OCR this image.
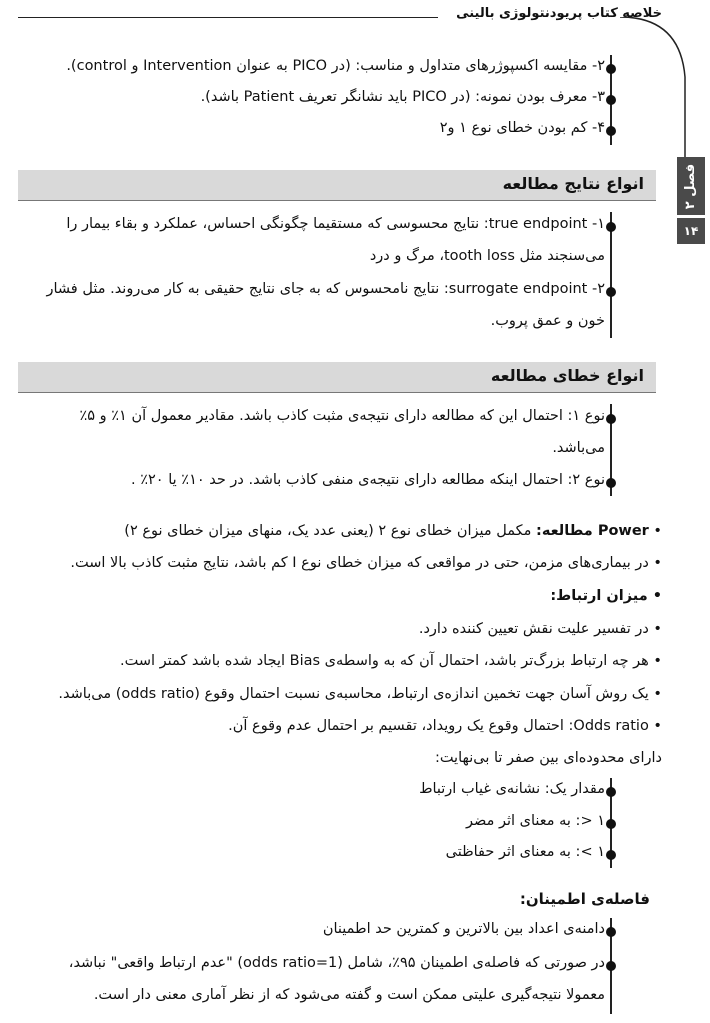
خلاصه کتاب پریودنتولوژی بالینی
فصل ۲
۱۴
۲- مقایسه اکسپوژرهای متداول و مناسب: (در PICO به عنوان Intervention و control).
۳- معرف بودن نمونه: (در PICO باید نشانگر تعریف Patient باشد).
۴- کم بودن خطای نوع ۱ و۲
انواع نتایج مطالعه
۱- true endpoint: نتایج محسوسی که مستقیما چگونگی احساس، عملکرد و بقاء بیمار را
می‌سنجند مثل tooth loss، مرگ و درد
۲- surrogate endpoint: نتایج نامحسوس که به جای نتایج حقیقی به کار می‌روند. مثل فشار
خون و عمق پروب.
انواع خطای مطالعه
نوع ۱: احتمال این که مطالعه دارای نتیجه‌ی مثبت کاذب باشد. مقادیر معمول آن ۱٪ و ۵٪
می‌باشد.
نوع ۲: احتمال اینکه مطالعه دارای نتیجه‌ی منفی کاذب باشد. در حد ۱۰٪ یا ۲۰٪ .
• Power مطالعه: مکمل میزان خطای نوع ۲ (یعنی عدد یک، منهای میزان خطای نوع ۲)
• در بیماری‌های مزمن، حتی در مواقعی که میزان خطای نوع I کم باشد، نتایج مثبت کاذب بالا است.
• میزان ارتباط:
• در تفسیر علیت نقش تعیین کننده دارد.
• هر چه ارتباط بزرگ‌تر باشد، احتمال آن که به واسطه‌ی Bias ایجاد شده باشد کمتر است.
• یک روش آسان جهت تخمین اندازه‌ی ارتباط، محاسبه‌ی نسبت احتمال وقوع (odds ratio) می‌باشد.
• Odds ratio: احتمال وقوع یک رویداد، تقسیم بر احتمال عدم وقوع آن.
دارای محدوده‌ای بین صفر تا بی‌نهایت:
مقدار یک: نشانه‌ی غیاب ارتباط
۱ <: به معنای اثر مضر
۱ >: به معنای اثر حفاظتی
فاصله‌ی اطمینان:
دامنه‌ی اعداد بین بالاترین و کمترین حد اطمینان
در صورتی که فاصله‌ی اطمینان ۹۵٪، شامل (odds ratio=1) "عدم ارتباط واقعی" نباشد،
معمولا نتیجه‌گیری علیتی ممکن است و گفته می‌شود که از نظر آماری معنی دار است.
